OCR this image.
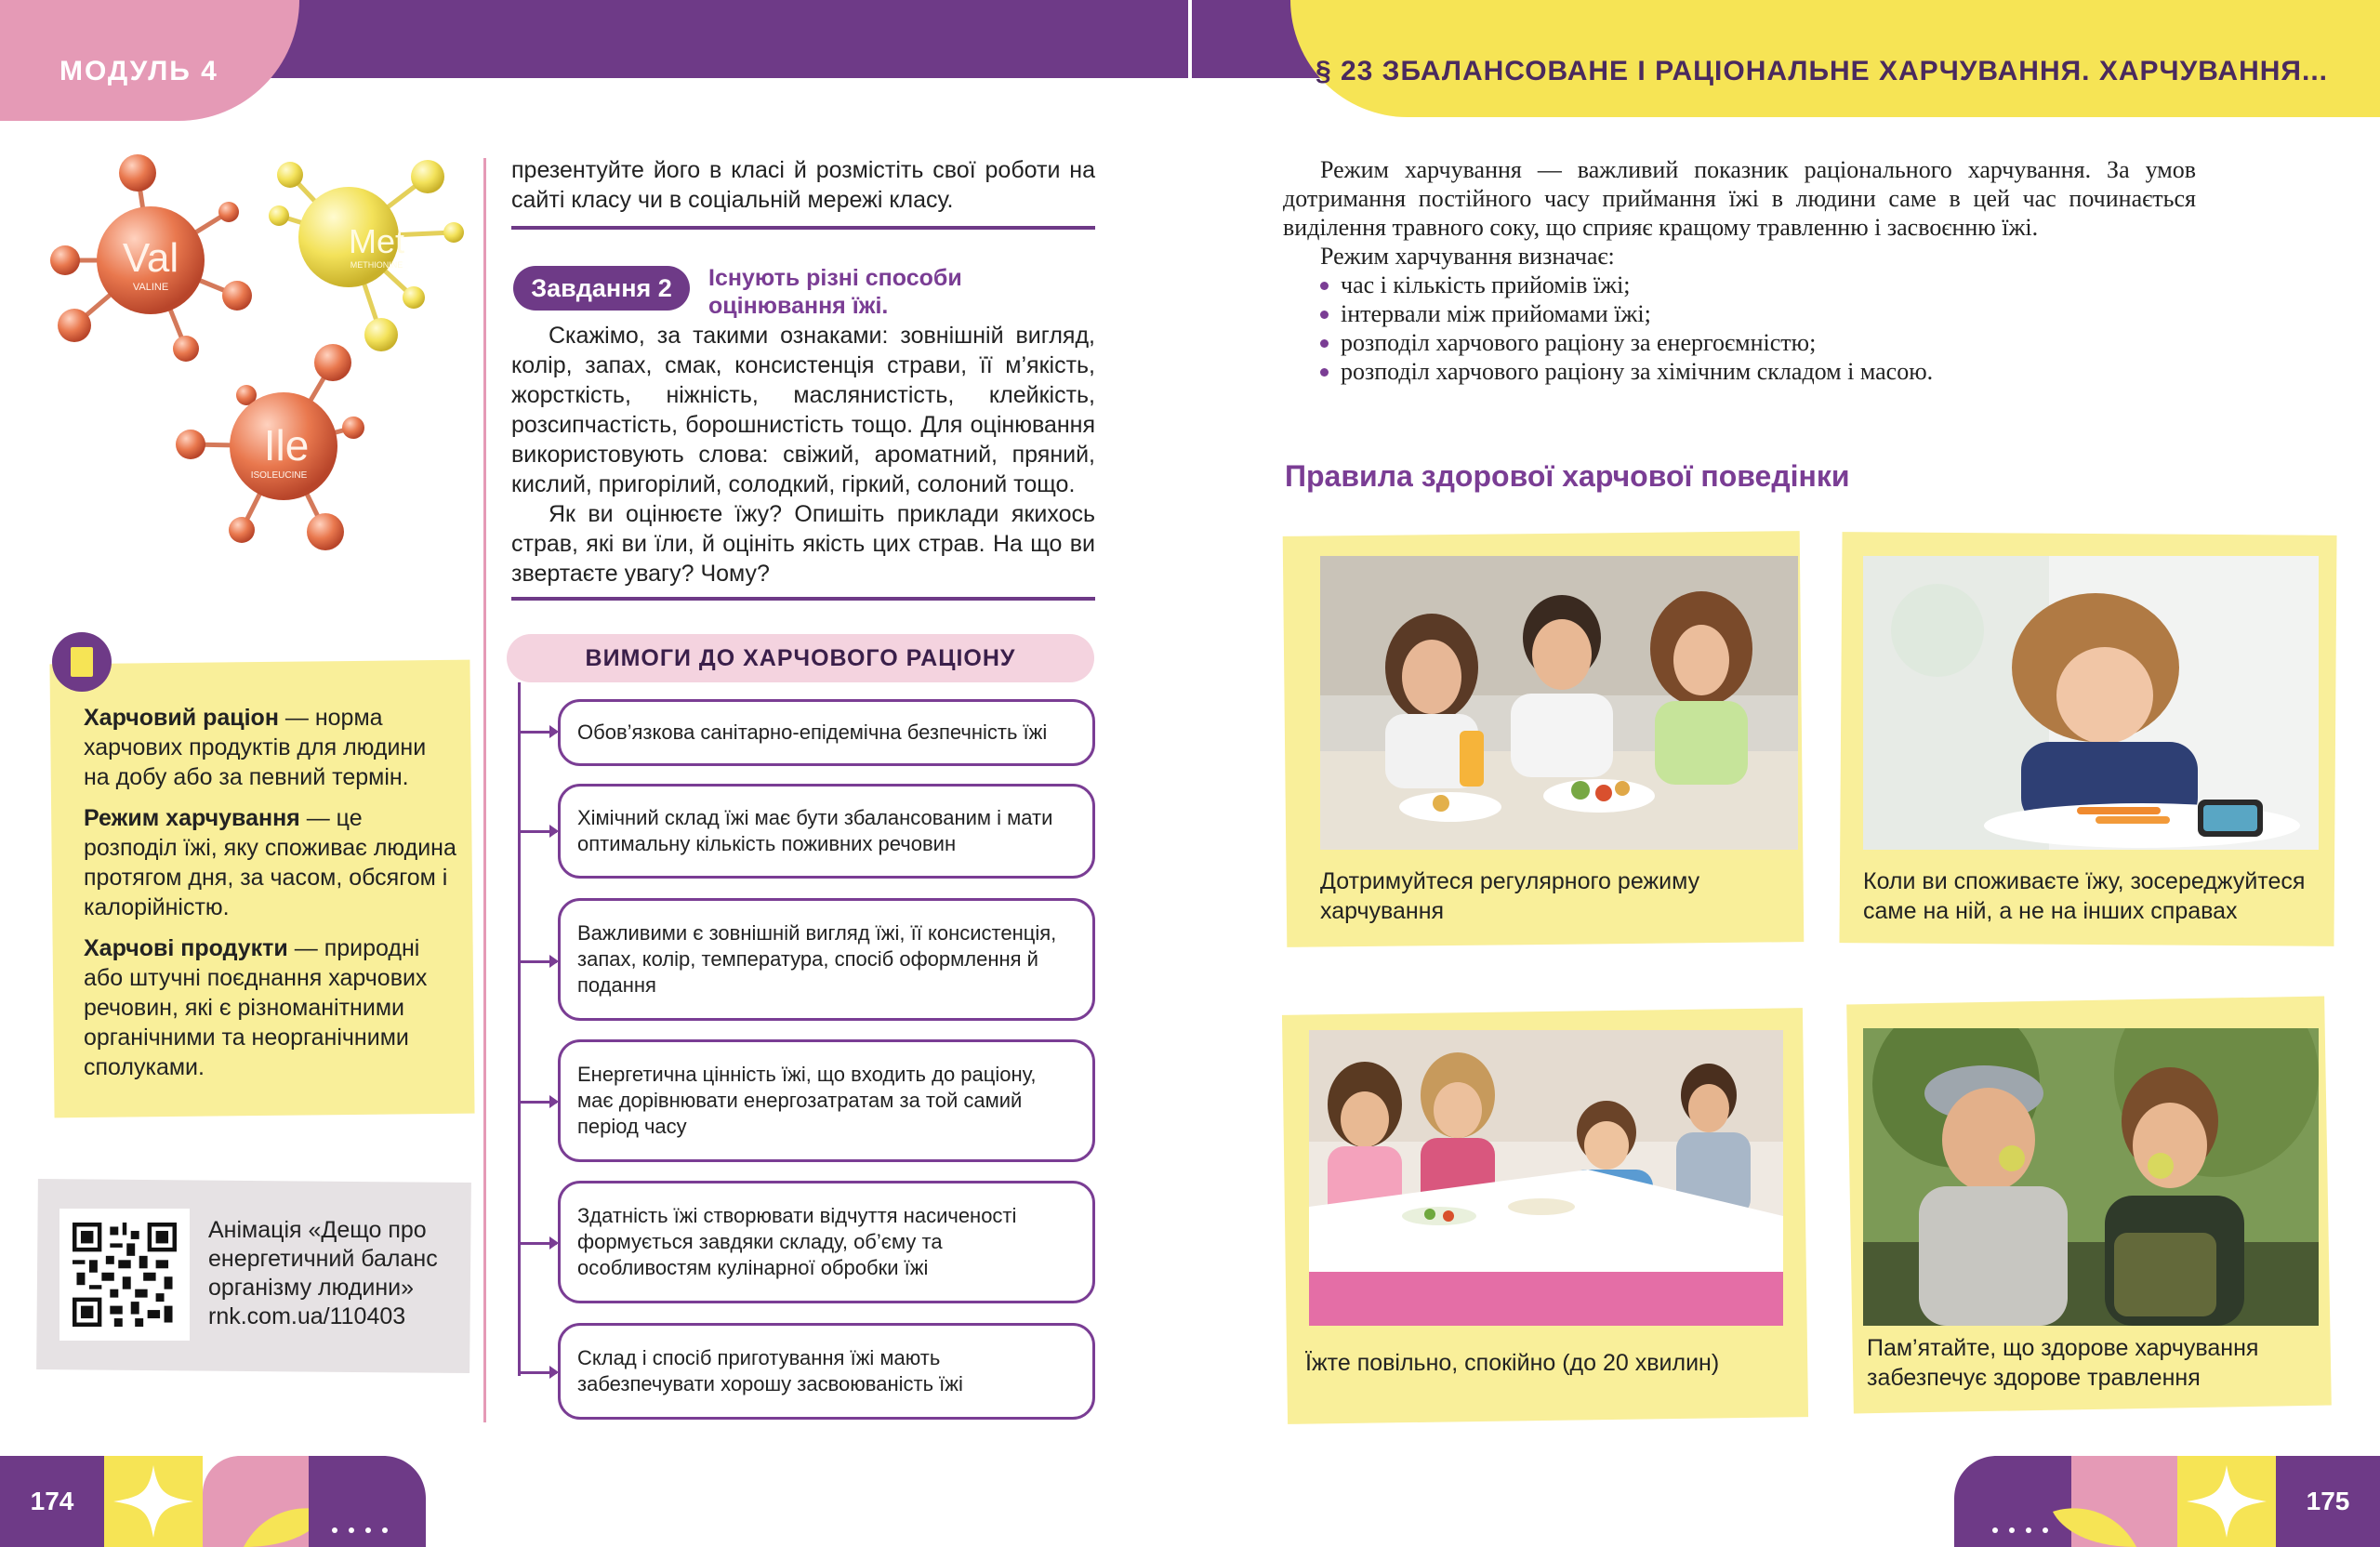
МОДУЛЬ 4	§ 23 ЗБАЛАНСОВАНЕ І РАЦІОНАЛЬНЕ ХАРЧУВАННЯ. ХАРЧУВАННЯ...
Val
VALINE
Met
METHIONINE
Ile
ISOLEUCINE

Харчовий раціон — норма харчових продуктів для людини на добу або за певний термін.

Режим харчування — це розподіл їжі, яку споживає людина протягом дня, за часом, обсягом і калорійністю.

Харчові продукти — природні або штучні поєднання харчових речовин, які є різноманітними органічними та неорганічними сполуками.

Анімація «Дещо про
енергетичний баланс
організму людини»
rnk.com.ua/110403
презентуйте його в класі й розмістіть свої роботи на сайті класу чи в соціальній мережі класу.
Завдання 2	Існують різні способи оцінювання їжі.

Скажімо, за такими ознаками: зовнішній вигляд, колір, запах, смак, консистенція страви, її м’якість, жорсткість, ніжність, маслянистість, клейкість, розсипчастість, борошнистість тощо. Для оцінювання використовують слова: свіжий, ароматний, пряний, кислий, пригорілий, солодкий, гіркий, солоний тощо.

Як ви оцінюєте їжу? Опишіть приклади якихось страв, які ви їли, й оцініть якість цих страв. На що ви звертаєте увагу? Чому?

ВИМОГИ ДО ХАРЧОВОГО РАЦІОНУ
Обов’язкова санітарно-епідемічна безпечність їжі
Хімічний склад їжі має бути збалансованим і мати оптимальну кількість поживних речовин
Важливими є зовнішній вигляд їжі, її консистенція, запах, колір, температура, спосіб оформлення й подання
Енергетична цінність їжі, що входить до раціону, має дорівнювати енергозатратам за той самий період часу
Здатність їжі створювати відчуття насиченості формується завдяки складу, об’єму та особливостям кулінарної обробки їжі
Склад і спосіб приготування їжі мають забезпечувати хорошу засвоюваність їжі

Режим харчування — важливий показник раціонального харчування. За умов дотримання постійного часу приймання їжі в людини саме в цей час починається виділення травного соку, що сприяє кращому травленню і засвоєнню їжі.

Режим харчування визначає:

час і кількість прийомів їжі;
інтервали між прийомами їжі;
розподіл харчового раціону за енергоємністю;
розподіл харчового раціону за хімічним складом і масою.
Правила здорової харчової поведінки
Дотримуйтеся регулярного режиму харчування
Коли ви споживаєте їжу, зосереджуйтеся саме на ній, а не на інших справах
Їжте повільно, спокійно (до 20 хвилин)
Пам’ятайте, що здорове харчування забезпечує здорове травлення
174	175
